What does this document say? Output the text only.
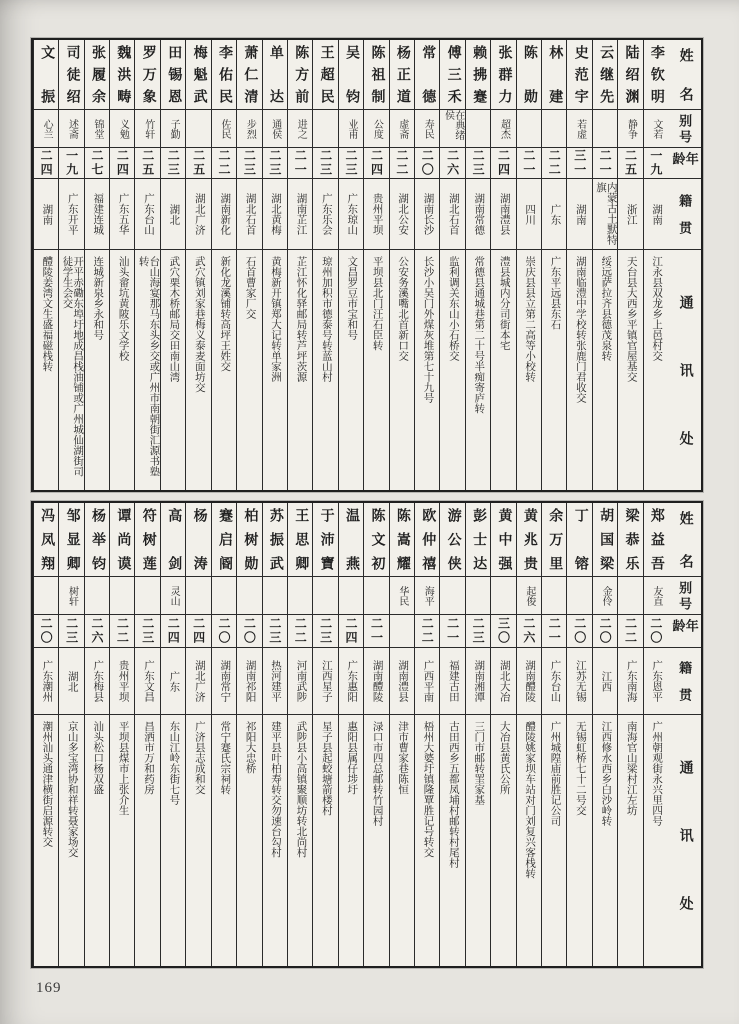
姓名
别号
年龄
籍贯
通讯处
李钦明
文若
一九
湖南
江永县双龙乡上邑村交
陆绍渊
静争
二五
浙江
天台县大西乡平镇官屋基交
云继先
二一
内蒙古土默特旗
绥远萨拉齐县德茂泉转
史范宇
若虚
三一
湖南
湖南临澧中学校转张鹿门君收交
林建
二二
广东
广东平远县东石
陈勋
二一
四川
崇庆县县立第二高等小校转
张群力
超杰
二四
湖南澧县
澧县城内分司街本宅
赖拂蹇
二三
湖南常德
常德县通城巷第二十号半痴寄庐转
傅三禾
在典绪侯
二六
湖北石首
监利调关东山小石桥交
常德
寿民
二〇
湖南长沙
长沙小吴门外煤灰堆第七十九号
杨正道
虚斋
二二
湖北公安
公安务溪嘴北首新口交
陈祖制
公度
二四
贵州平坝
平坝县北门汪石臣转
吴钧
业甫
二三
广东琼山
文昌罗豆市宝和号
王超民
二三
广东乐会
琼州加积市德泰号转蓝山村
陈方前
进之
二一
湖南芷江
芷江怀化驿邮局转芦坪茨源
单达
通侯
二三
湖北黄梅
黄梅新开镇郑大记转单家洲
萧仁清
步烈
二三
湖北石首
石首曹家厂交
李佑民
佐民
二二
湖南新化
新化龙溪铺转高坪王姓交
梅魁武
二五
湖北广济
武穴镇刘家巷梅义泰麦面坊交
田锡恩
子勤
二三
湖北
武穴栗木桥邮局交田南山湾
罗万象
竹轩
二五
广东台山
台山海宴那马东头乡交或广州市南朝街汇源书塾转
魏洪畴
义勉
二四
广东五华
汕头畲坑黄陂乐文学校
张履余
锦堂
二七
福建连城
连城新泉乡永和号
司徒绍
述斋
一九
广东开平
开平赤磡东埠圩地成昌栈油铺或广州城仙湖街司徒学生会交
文振
心兰
二四
湖南
醴陵姜湾文生盛福磁栈转
姓名
别号
年龄
籍贯
通讯处
郑益吾
友直
二〇
广东恩平
广州朝观街永兴里四号
梁恭乐
二二
广东南海
南海官山梁村江左坊
胡国梁
金伶
二〇
江西
江西修水西乡白沙岭转
丁镕
二〇
江苏无锡
无锡虹桥七十二号交
余万里
二一
广东台山
广州城隍庙前胜记公司
黄兆贵
起俊
二六
湖南醴陵
醴陵姚家坝车站对门刘复兴客栈转
黄中强
三〇
湖北大冶
大冶县黄氏公所
彭士达
二三
湖南湘潭
三门市邮转罣家基
游公侠
二一
福建古田
古田西乡五都凤埔村邮转村尾村
欧仲禧
海平
二二
广西平南
梧州大婆圩镇隆覃胜记号转交
陈嵩耀
华民
湖南澧县
津市曹家巷陈恒
陈文初
二一
湖南醴陵
渌口市四总邮转竹园村
温燕
二四
广东惠阳
惠阳县属仔埗圩
于沛寶
二三
江西星子
星子县起蛟塘箭楼村
王思卿
二二
河南武陟
武陟县小高镇聚顺坊转北尚村
苏振武
二三
热河建平
建平县叶柏寿转交勿速台勾村
柏树勋
二〇
湖南祁阳
祁阳大忠桥
蹇启阍
二〇
湖南常宁
常宁蹇氏宗祠转
杨涛
二四
湖北广济
广济县志成和交
高剑
灵山
二四
广东
东山江岭东街七号
符树莲
二三
广东文昌
昌洒市万和药房
谭尚谟
二二
贵州平坝
平坝县煤市上张介生
杨举钧
二六
广东梅县
汕头松口杨双盛
邹显卿
树轩
二三
湖北
京山多宝湾协和祥转聂家场交
冯凤翔
二〇
广东潮州
潮州汕头通津横街启源转交
169
